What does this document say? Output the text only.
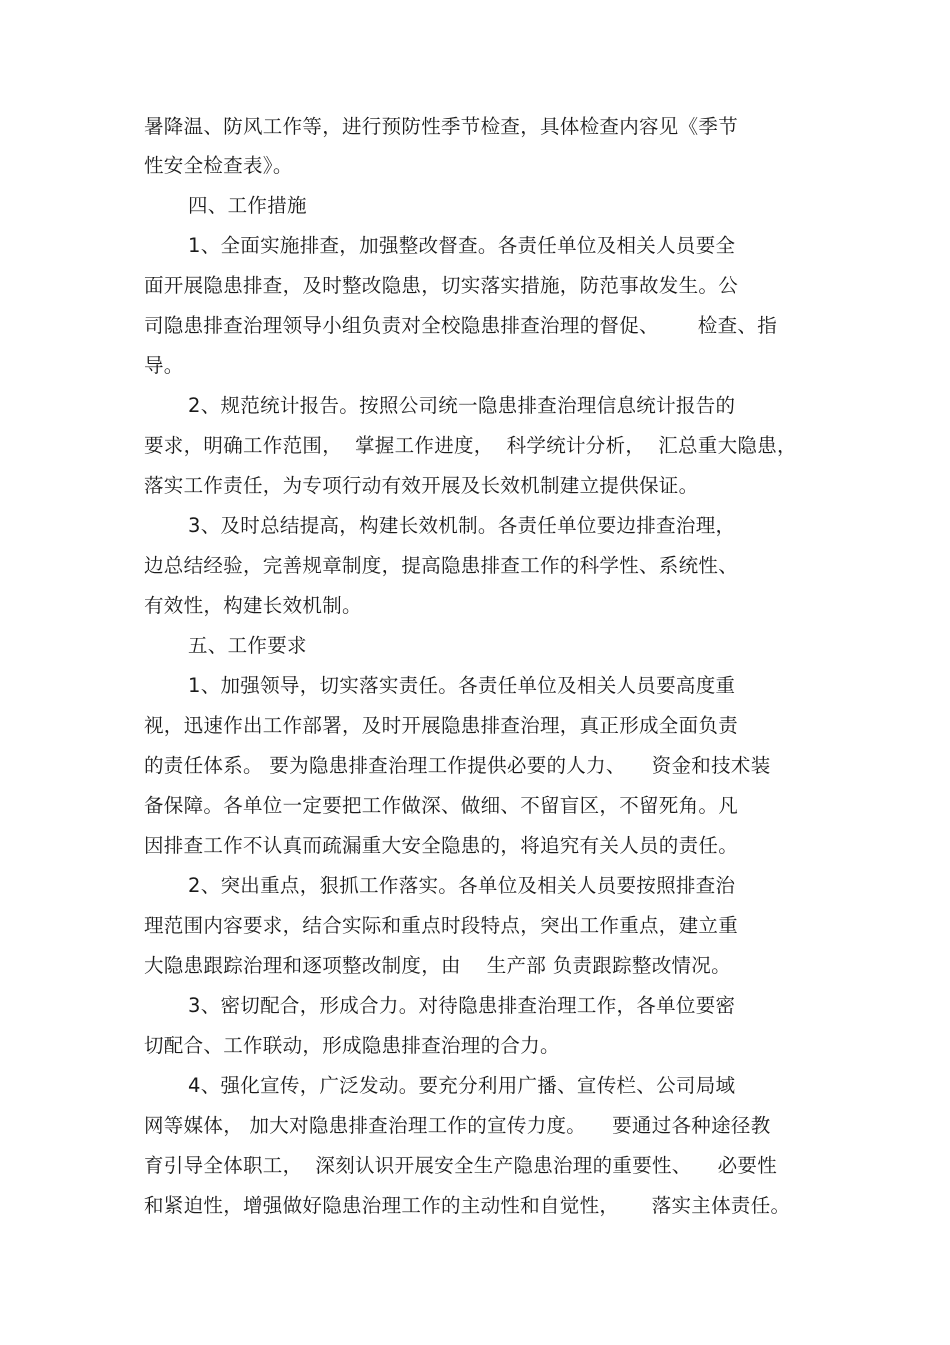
暑降温、防风工作等，进行预防性季节检查，具体检查内容见《季节
性安全检查表》。
四、工作措施
1、全面实施排查，加强整改督查。各责任单位及相关人员要全
面开展隐患排查，及时整改隐患，切实落实措施，防范事故发生。公
司隐患排查治理领导小组负责对全校隐患排查治理的督促、      检查、指
导。
2、规范统计报告。按照公司统一隐患排查治理信息统计报告的
要求，明确工作范围，  掌握工作进度，  科学统计分析，  汇总重大隐患，
落实工作责任，为专项行动有效开展及长效机制建立提供保证。
3、及时总结提高，构建长效机制。各责任单位要边排查治理，
边总结经验，完善规章制度，提高隐患排查工作的科学性、系统性、
有效性，构建长效机制。
五、工作要求
1、加强领导，切实落实责任。各责任单位及相关人员要高度重
视，迅速作出工作部署，及时开展隐患排查治理，真正形成全面负责
的责任体系。 要为隐患排查治理工作提供必要的人力、    资金和技术装
备保障。各单位一定要把工作做深、做细、不留盲区，不留死角。凡
因排查工作不认真而疏漏重大安全隐患的，将追究有关人员的责任。
2、突出重点，狠抓工作落实。各单位及相关人员要按照排查治
理范围内容要求，结合实际和重点时段特点，突出工作重点，建立重
大隐患跟踪治理和逐项整改制度，由    生产部 负责跟踪整改情况。
3、密切配合，形成合力。对待隐患排查治理工作，各单位要密
切配合、工作联动，形成隐患排查治理的合力。
4、强化宣传，广泛发动。要充分利用广播、宣传栏、公司局域
网等媒体， 加大对隐患排查治理工作的宣传力度。    要通过各种途径教
育引导全体职工，  深刻认识开展安全生产隐患治理的重要性、    必要性
和紧迫性，增强做好隐患治理工作的主动性和自觉性，     落实主体责任。
